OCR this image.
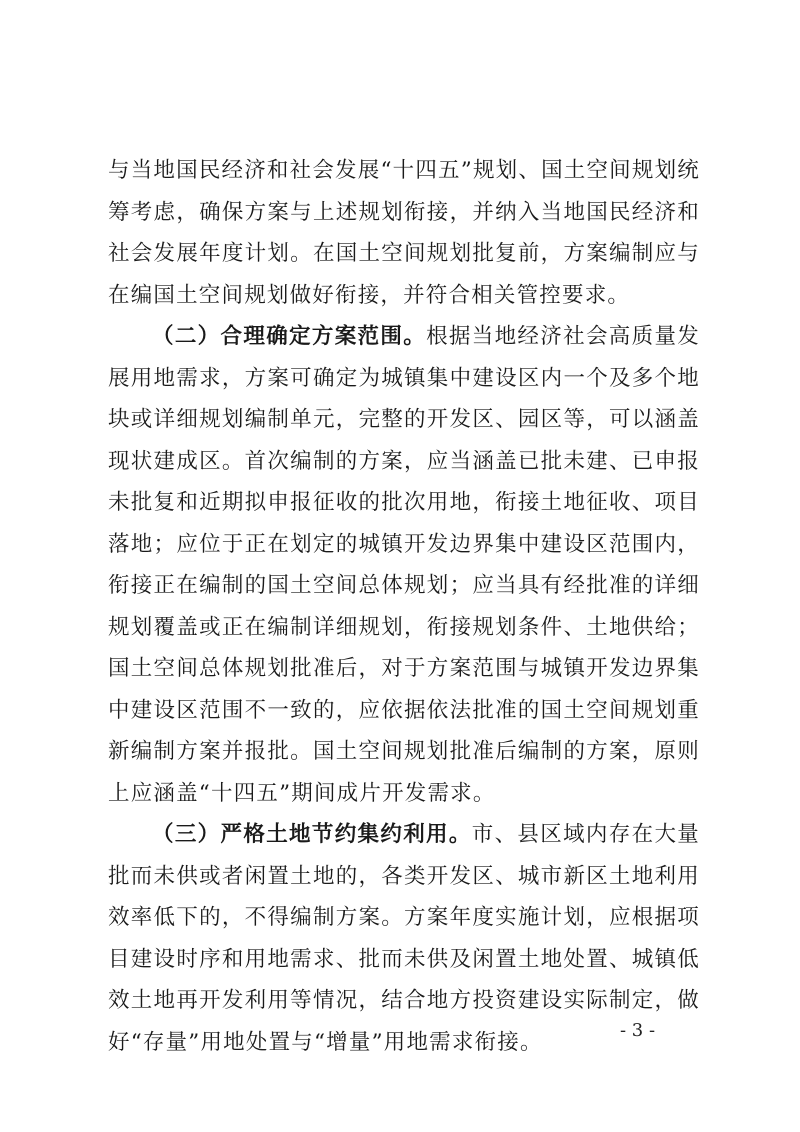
与当地国民经济和社会发展“十四五”规划、国土空间规划统筹考虑，确保方案与上述规划衔接，并纳入当地国民经济和社会发展年度计划。在国土空间规划批复前，方案编制应与在编国土空间规划做好衔接，并符合相关管控要求。

（二）合理确定方案范围。根据当地经济社会高质量发展用地需求，方案可确定为城镇集中建设区内一个及多个地块或详细规划编制单元，完整的开发区、园区等，可以涵盖现状建成区。首次编制的方案，应当涵盖已批未建、已申报未批复和近期拟申报征收的批次用地，衔接土地征收、项目落地；应位于正在划定的城镇开发边界集中建设区范围内，衔接正在编制的国土空间总体规划；应当具有经批准的详细规划覆盖或正在编制详细规划，衔接规划条件、土地供给；国土空间总体规划批准后，对于方案范围与城镇开发边界集中建设区范围不一致的，应依据依法批准的国土空间规划重新编制方案并报批。国土空间规划批准后编制的方案，原则上应涵盖“十四五”期间成片开发需求。

（三）严格土地节约集约利用。市、县区域内存在大量批而未供或者闲置土地的，各类开发区、城市新区土地利用效率低下的，不得编制方案。方案年度实施计划，应根据项目建设时序和用地需求、批而未供及闲置土地处置、城镇低效土地再开发利用等情况，结合地方投资建设实际制定，做好“存量”用地处置与“增量”用地需求衔接。	- 3 -
